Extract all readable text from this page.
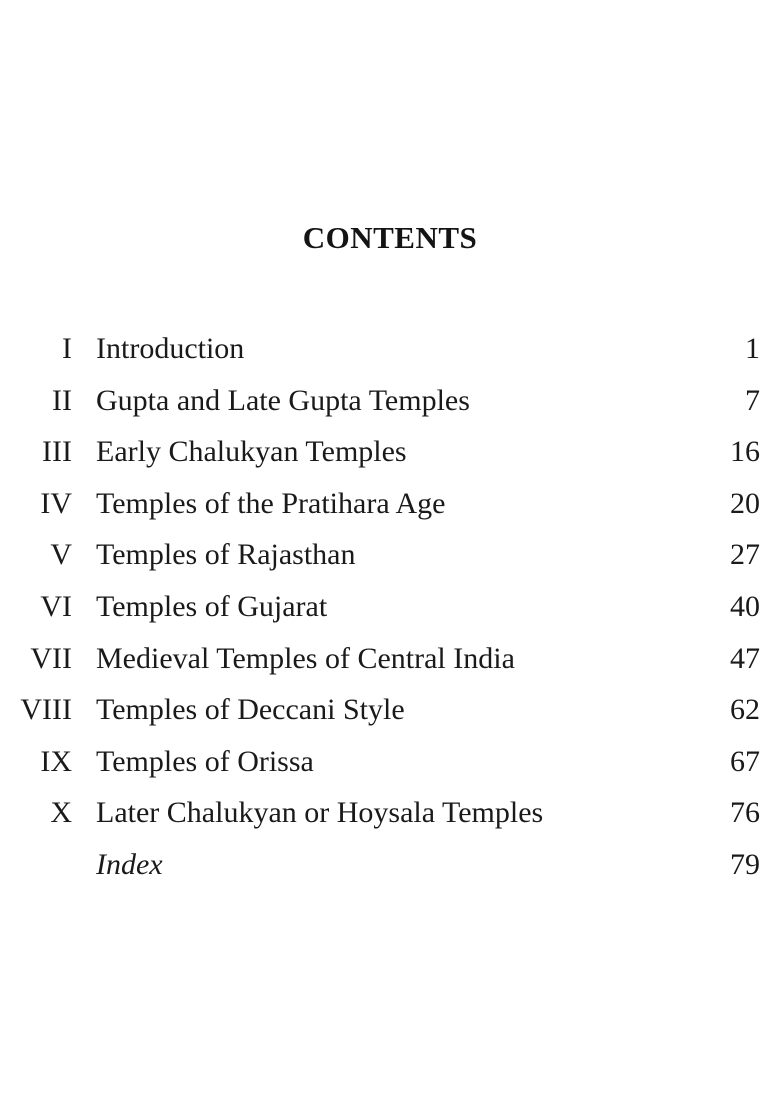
CONTENTS
I Introduction	1
II Gupta and Late Gupta Temples	7
III Early Chalukyan Temples	16
IV Temples of the Pratihara Age	20
V Temples of Rajasthan	27
VI Temples of Gujarat	40
VII Medieval Temples of Central India	47
VIII Temples of Deccani Style	62
IX Temples of Orissa	67
X Later Chalukyan or Hoysala Temples	76
Index	79
